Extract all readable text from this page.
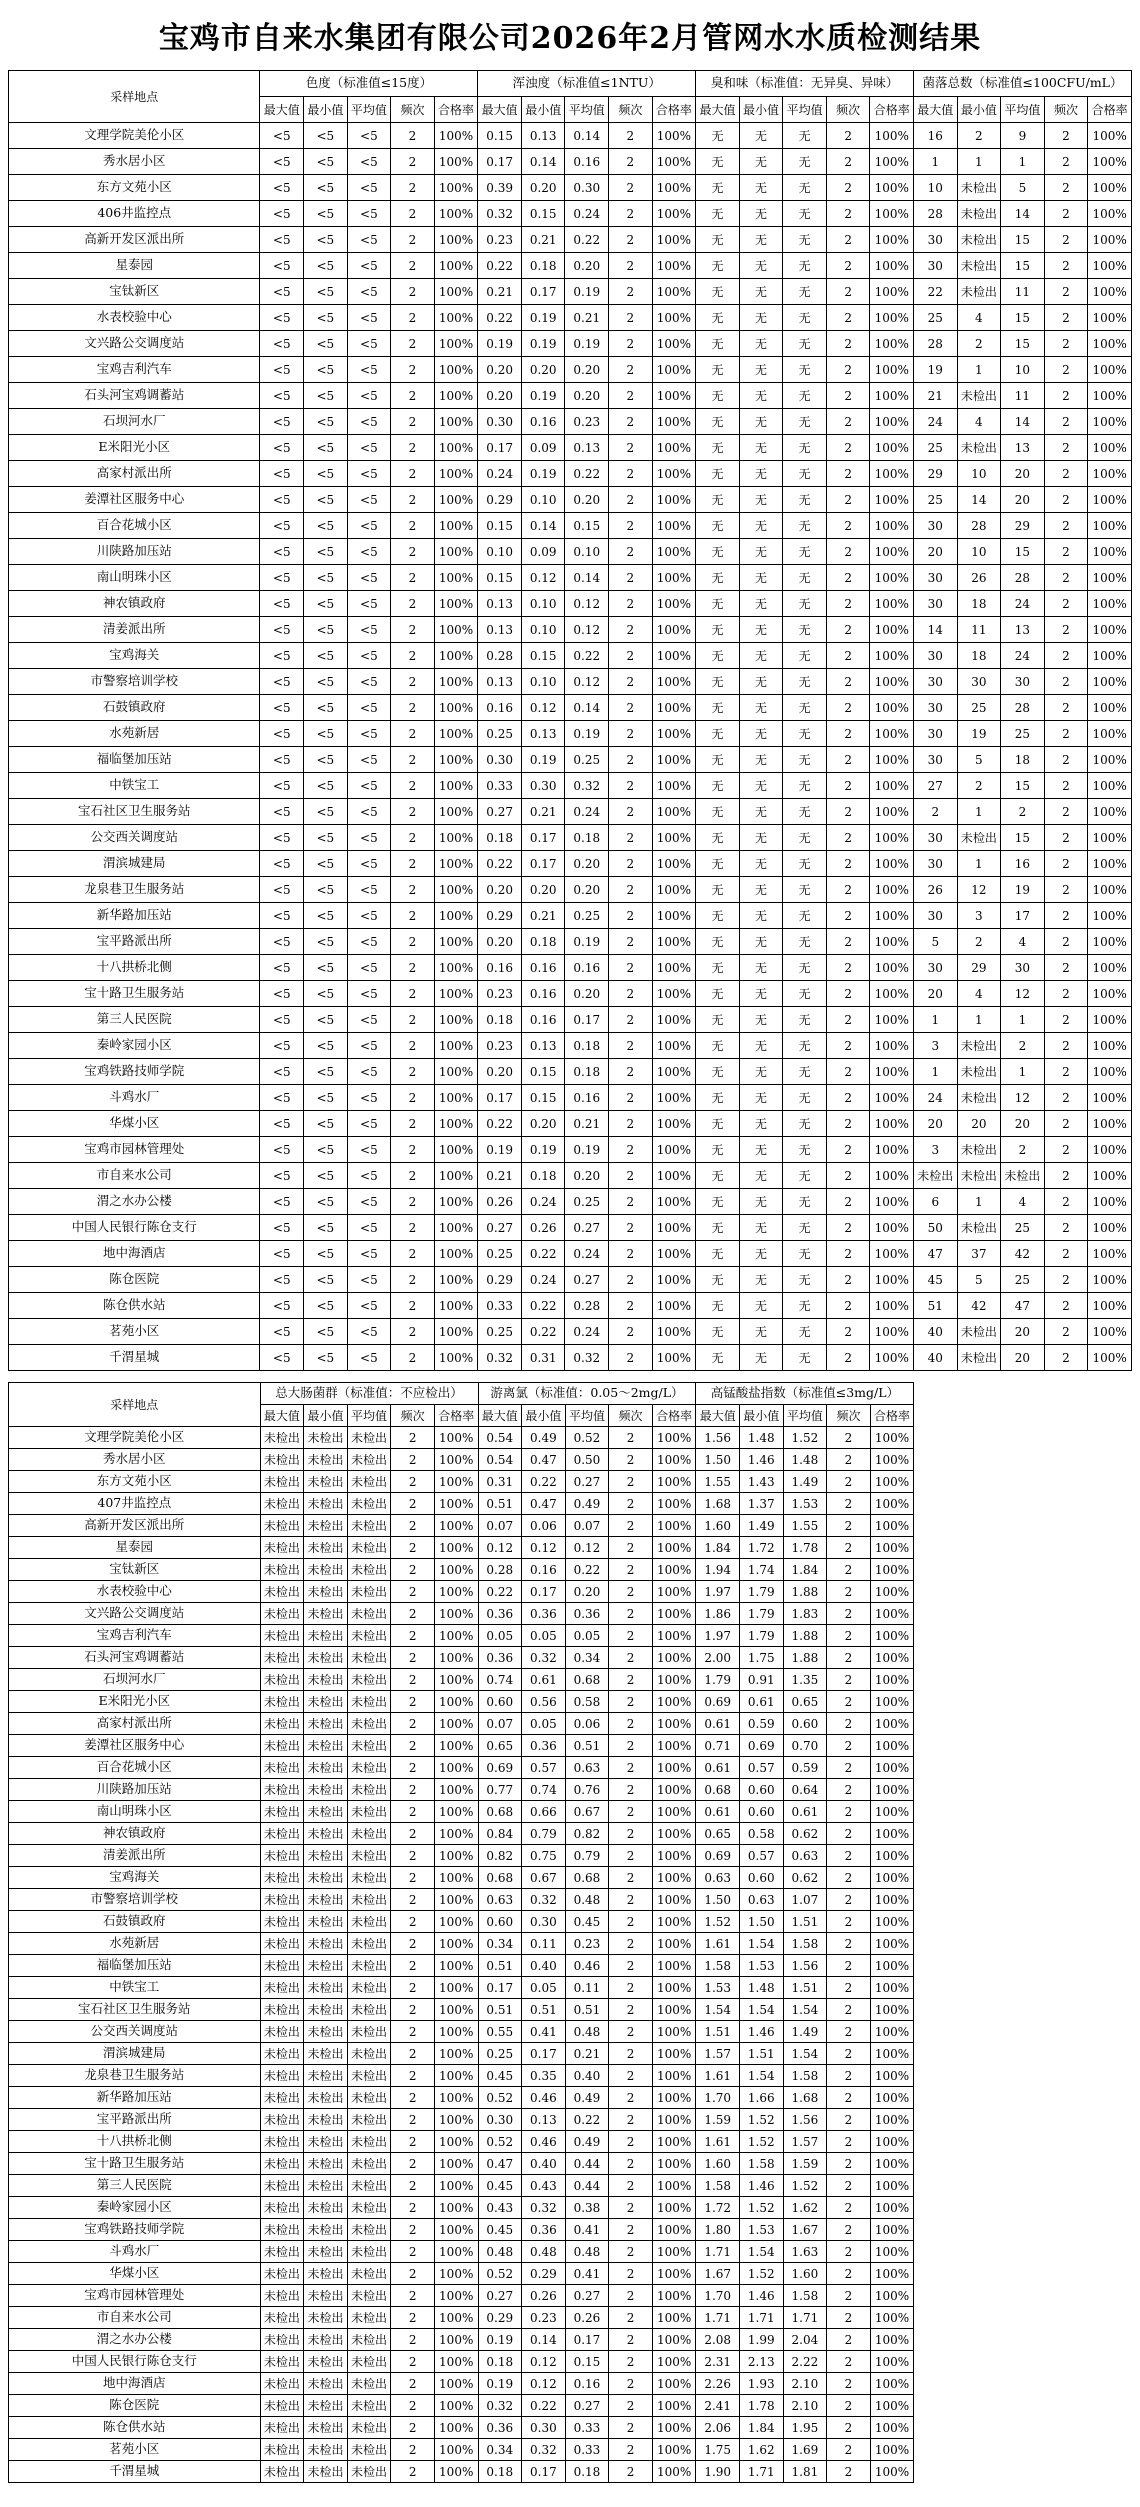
宝鸡市自来水集团有限公司2026年2月管网水水质检测结果
采样地点	色度（标准值≤15度）					浑浊度（标准值≤1NTU）					臭和味（标准值：无异臭、异味）					菌落总数（标准值≤100CFU/mL）				
	最大值	最小值	平均值	频次	合格率	最大值	最小值	平均值	频次	合格率	最大值	最小值	平均值	频次	合格率	最大值	最小值	平均值	频次	合格率
文理学院美伦小区	<5	<5	<5	2	100%	0.15	0.13	0.14	2	100%	无	无	无	2	100%	16	2	9	2	100%
秀水居小区	<5	<5	<5	2	100%	0.17	0.14	0.16	2	100%	无	无	无	2	100%	1	1	1	2	100%
东方文苑小区	<5	<5	<5	2	100%	0.39	0.20	0.30	2	100%	无	无	无	2	100%	10	未检出	5	2	100%
406井监控点	<5	<5	<5	2	100%	0.32	0.15	0.24	2	100%	无	无	无	2	100%	28	未检出	14	2	100%
高新开发区派出所	<5	<5	<5	2	100%	0.23	0.21	0.22	2	100%	无	无	无	2	100%	30	未检出	15	2	100%
星泰园	<5	<5	<5	2	100%	0.22	0.18	0.20	2	100%	无	无	无	2	100%	30	未检出	15	2	100%
宝钛新区	<5	<5	<5	2	100%	0.21	0.17	0.19	2	100%	无	无	无	2	100%	22	未检出	11	2	100%
水表校验中心	<5	<5	<5	2	100%	0.22	0.19	0.21	2	100%	无	无	无	2	100%	25	4	15	2	100%
文兴路公交调度站	<5	<5	<5	2	100%	0.19	0.19	0.19	2	100%	无	无	无	2	100%	28	2	15	2	100%
宝鸡吉利汽车	<5	<5	<5	2	100%	0.20	0.20	0.20	2	100%	无	无	无	2	100%	19	1	10	2	100%
石头河宝鸡调蓄站	<5	<5	<5	2	100%	0.20	0.19	0.20	2	100%	无	无	无	2	100%	21	未检出	11	2	100%
石坝河水厂	<5	<5	<5	2	100%	0.30	0.16	0.23	2	100%	无	无	无	2	100%	24	4	14	2	100%
E米阳光小区	<5	<5	<5	2	100%	0.17	0.09	0.13	2	100%	无	无	无	2	100%	25	未检出	13	2	100%
高家村派出所	<5	<5	<5	2	100%	0.24	0.19	0.22	2	100%	无	无	无	2	100%	29	10	20	2	100%
姜潭社区服务中心	<5	<5	<5	2	100%	0.29	0.10	0.20	2	100%	无	无	无	2	100%	25	14	20	2	100%
百合花城小区	<5	<5	<5	2	100%	0.15	0.14	0.15	2	100%	无	无	无	2	100%	30	28	29	2	100%
川陕路加压站	<5	<5	<5	2	100%	0.10	0.09	0.10	2	100%	无	无	无	2	100%	20	10	15	2	100%
南山明珠小区	<5	<5	<5	2	100%	0.15	0.12	0.14	2	100%	无	无	无	2	100%	30	26	28	2	100%
神农镇政府	<5	<5	<5	2	100%	0.13	0.10	0.12	2	100%	无	无	无	2	100%	30	18	24	2	100%
清姜派出所	<5	<5	<5	2	100%	0.13	0.10	0.12	2	100%	无	无	无	2	100%	14	11	13	2	100%
宝鸡海关	<5	<5	<5	2	100%	0.28	0.15	0.22	2	100%	无	无	无	2	100%	30	18	24	2	100%
市警察培训学校	<5	<5	<5	2	100%	0.13	0.10	0.12	2	100%	无	无	无	2	100%	30	30	30	2	100%
石鼓镇政府	<5	<5	<5	2	100%	0.16	0.12	0.14	2	100%	无	无	无	2	100%	30	25	28	2	100%
水苑新居	<5	<5	<5	2	100%	0.25	0.13	0.19	2	100%	无	无	无	2	100%	30	19	25	2	100%
福临堡加压站	<5	<5	<5	2	100%	0.30	0.19	0.25	2	100%	无	无	无	2	100%	30	5	18	2	100%
中铁宝工	<5	<5	<5	2	100%	0.33	0.30	0.32	2	100%	无	无	无	2	100%	27	2	15	2	100%
宝石社区卫生服务站	<5	<5	<5	2	100%	0.27	0.21	0.24	2	100%	无	无	无	2	100%	2	1	2	2	100%
公交西关调度站	<5	<5	<5	2	100%	0.18	0.17	0.18	2	100%	无	无	无	2	100%	30	未检出	15	2	100%
渭滨城建局	<5	<5	<5	2	100%	0.22	0.17	0.20	2	100%	无	无	无	2	100%	30	1	16	2	100%
龙泉巷卫生服务站	<5	<5	<5	2	100%	0.20	0.20	0.20	2	100%	无	无	无	2	100%	26	12	19	2	100%
新华路加压站	<5	<5	<5	2	100%	0.29	0.21	0.25	2	100%	无	无	无	2	100%	30	3	17	2	100%
宝平路派出所	<5	<5	<5	2	100%	0.20	0.18	0.19	2	100%	无	无	无	2	100%	5	2	4	2	100%
十八拱桥北侧	<5	<5	<5	2	100%	0.16	0.16	0.16	2	100%	无	无	无	2	100%	30	29	30	2	100%
宝十路卫生服务站	<5	<5	<5	2	100%	0.23	0.16	0.20	2	100%	无	无	无	2	100%	20	4	12	2	100%
第三人民医院	<5	<5	<5	2	100%	0.18	0.16	0.17	2	100%	无	无	无	2	100%	1	1	1	2	100%
秦岭家园小区	<5	<5	<5	2	100%	0.23	0.13	0.18	2	100%	无	无	无	2	100%	3	未检出	2	2	100%
宝鸡铁路技师学院	<5	<5	<5	2	100%	0.20	0.15	0.18	2	100%	无	无	无	2	100%	1	未检出	1	2	100%
斗鸡水厂	<5	<5	<5	2	100%	0.17	0.15	0.16	2	100%	无	无	无	2	100%	24	未检出	12	2	100%
华煤小区	<5	<5	<5	2	100%	0.22	0.20	0.21	2	100%	无	无	无	2	100%	20	20	20	2	100%
宝鸡市园林管理处	<5	<5	<5	2	100%	0.19	0.19	0.19	2	100%	无	无	无	2	100%	3	未检出	2	2	100%
市自来水公司	<5	<5	<5	2	100%	0.21	0.18	0.20	2	100%	无	无	无	2	100%	未检出	未检出	未检出	2	100%
渭之水办公楼	<5	<5	<5	2	100%	0.26	0.24	0.25	2	100%	无	无	无	2	100%	6	1	4	2	100%
中国人民银行陈仓支行	<5	<5	<5	2	100%	0.27	0.26	0.27	2	100%	无	无	无	2	100%	50	未检出	25	2	100%
地中海酒店	<5	<5	<5	2	100%	0.25	0.22	0.24	2	100%	无	无	无	2	100%	47	37	42	2	100%
陈仓医院	<5	<5	<5	2	100%	0.29	0.24	0.27	2	100%	无	无	无	2	100%	45	5	25	2	100%
陈仓供水站	<5	<5	<5	2	100%	0.33	0.22	0.28	2	100%	无	无	无	2	100%	51	42	47	2	100%
茗苑小区	<5	<5	<5	2	100%	0.25	0.22	0.24	2	100%	无	无	无	2	100%	40	未检出	20	2	100%
千渭星城	<5	<5	<5	2	100%	0.32	0.31	0.32	2	100%	无	无	无	2	100%	40	未检出	20	2	100%
采样地点	总大肠菌群（标准值：不应检出）					游离氯（标准值：0.05～2mg/L）					高锰酸盐指数（标准值≤3mg/L）					
	最大值	最小值	平均值	频次	合格率	最大值	最小值	平均值	频次	合格率	最大值	最小值	平均值	频次	合格率	
文理学院美伦小区	未检出	未检出	未检出	2	100%	0.54	0.49	0.52	2	100%	1.56	1.48	1.52	2	100%	
秀水居小区	未检出	未检出	未检出	2	100%	0.54	0.47	0.50	2	100%	1.50	1.46	1.48	2	100%	
东方文苑小区	未检出	未检出	未检出	2	100%	0.31	0.22	0.27	2	100%	1.55	1.43	1.49	2	100%	
407井监控点	未检出	未检出	未检出	2	100%	0.51	0.47	0.49	2	100%	1.68	1.37	1.53	2	100%	
高新开发区派出所	未检出	未检出	未检出	2	100%	0.07	0.06	0.07	2	100%	1.60	1.49	1.55	2	100%	
星泰园	未检出	未检出	未检出	2	100%	0.12	0.12	0.12	2	100%	1.84	1.72	1.78	2	100%	
宝钛新区	未检出	未检出	未检出	2	100%	0.28	0.16	0.22	2	100%	1.94	1.74	1.84	2	100%	
水表校验中心	未检出	未检出	未检出	2	100%	0.22	0.17	0.20	2	100%	1.97	1.79	1.88	2	100%	
文兴路公交调度站	未检出	未检出	未检出	2	100%	0.36	0.36	0.36	2	100%	1.86	1.79	1.83	2	100%	
宝鸡吉利汽车	未检出	未检出	未检出	2	100%	0.05	0.05	0.05	2	100%	1.97	1.79	1.88	2	100%	
石头河宝鸡调蓄站	未检出	未检出	未检出	2	100%	0.36	0.32	0.34	2	100%	2.00	1.75	1.88	2	100%	
石坝河水厂	未检出	未检出	未检出	2	100%	0.74	0.61	0.68	2	100%	1.79	0.91	1.35	2	100%	
E米阳光小区	未检出	未检出	未检出	2	100%	0.60	0.56	0.58	2	100%	0.69	0.61	0.65	2	100%	
高家村派出所	未检出	未检出	未检出	2	100%	0.07	0.05	0.06	2	100%	0.61	0.59	0.60	2	100%	
姜潭社区服务中心	未检出	未检出	未检出	2	100%	0.65	0.36	0.51	2	100%	0.71	0.69	0.70	2	100%	
百合花城小区	未检出	未检出	未检出	2	100%	0.69	0.57	0.63	2	100%	0.61	0.57	0.59	2	100%	
川陕路加压站	未检出	未检出	未检出	2	100%	0.77	0.74	0.76	2	100%	0.68	0.60	0.64	2	100%	
南山明珠小区	未检出	未检出	未检出	2	100%	0.68	0.66	0.67	2	100%	0.61	0.60	0.61	2	100%	
神农镇政府	未检出	未检出	未检出	2	100%	0.84	0.79	0.82	2	100%	0.65	0.58	0.62	2	100%	
清姜派出所	未检出	未检出	未检出	2	100%	0.82	0.75	0.79	2	100%	0.69	0.57	0.63	2	100%	
宝鸡海关	未检出	未检出	未检出	2	100%	0.68	0.67	0.68	2	100%	0.63	0.60	0.62	2	100%	
市警察培训学校	未检出	未检出	未检出	2	100%	0.63	0.32	0.48	2	100%	1.50	0.63	1.07	2	100%	
石鼓镇政府	未检出	未检出	未检出	2	100%	0.60	0.30	0.45	2	100%	1.52	1.50	1.51	2	100%	
水苑新居	未检出	未检出	未检出	2	100%	0.34	0.11	0.23	2	100%	1.61	1.54	1.58	2	100%	
福临堡加压站	未检出	未检出	未检出	2	100%	0.51	0.40	0.46	2	100%	1.58	1.53	1.56	2	100%	
中铁宝工	未检出	未检出	未检出	2	100%	0.17	0.05	0.11	2	100%	1.53	1.48	1.51	2	100%	
宝石社区卫生服务站	未检出	未检出	未检出	2	100%	0.51	0.51	0.51	2	100%	1.54	1.54	1.54	2	100%	
公交西关调度站	未检出	未检出	未检出	2	100%	0.55	0.41	0.48	2	100%	1.51	1.46	1.49	2	100%	
渭滨城建局	未检出	未检出	未检出	2	100%	0.25	0.17	0.21	2	100%	1.57	1.51	1.54	2	100%	
龙泉巷卫生服务站	未检出	未检出	未检出	2	100%	0.45	0.35	0.40	2	100%	1.61	1.54	1.58	2	100%	
新华路加压站	未检出	未检出	未检出	2	100%	0.52	0.46	0.49	2	100%	1.70	1.66	1.68	2	100%	
宝平路派出所	未检出	未检出	未检出	2	100%	0.30	0.13	0.22	2	100%	1.59	1.52	1.56	2	100%	
十八拱桥北侧	未检出	未检出	未检出	2	100%	0.52	0.46	0.49	2	100%	1.61	1.52	1.57	2	100%	
宝十路卫生服务站	未检出	未检出	未检出	2	100%	0.47	0.40	0.44	2	100%	1.60	1.58	1.59	2	100%	
第三人民医院	未检出	未检出	未检出	2	100%	0.45	0.43	0.44	2	100%	1.58	1.46	1.52	2	100%	
秦岭家园小区	未检出	未检出	未检出	2	100%	0.43	0.32	0.38	2	100%	1.72	1.52	1.62	2	100%	
宝鸡铁路技师学院	未检出	未检出	未检出	2	100%	0.45	0.36	0.41	2	100%	1.80	1.53	1.67	2	100%	
斗鸡水厂	未检出	未检出	未检出	2	100%	0.48	0.48	0.48	2	100%	1.71	1.54	1.63	2	100%	
华煤小区	未检出	未检出	未检出	2	100%	0.52	0.29	0.41	2	100%	1.67	1.52	1.60	2	100%	
宝鸡市园林管理处	未检出	未检出	未检出	2	100%	0.27	0.26	0.27	2	100%	1.70	1.46	1.58	2	100%	
市自来水公司	未检出	未检出	未检出	2	100%	0.29	0.23	0.26	2	100%	1.71	1.71	1.71	2	100%	
渭之水办公楼	未检出	未检出	未检出	2	100%	0.19	0.14	0.17	2	100%	2.08	1.99	2.04	2	100%	
中国人民银行陈仓支行	未检出	未检出	未检出	2	100%	0.18	0.12	0.15	2	100%	2.31	2.13	2.22	2	100%	
地中海酒店	未检出	未检出	未检出	2	100%	0.19	0.12	0.16	2	100%	2.26	1.93	2.10	2	100%	
陈仓医院	未检出	未检出	未检出	2	100%	0.32	0.22	0.27	2	100%	2.41	1.78	2.10	2	100%	
陈仓供水站	未检出	未检出	未检出	2	100%	0.36	0.30	0.33	2	100%	2.06	1.84	1.95	2	100%	
茗苑小区	未检出	未检出	未检出	2	100%	0.34	0.32	0.33	2	100%	1.75	1.62	1.69	2	100%	
千渭星城	未检出	未检出	未检出	2	100%	0.18	0.17	0.18	2	100%	1.90	1.71	1.81	2	100%	
